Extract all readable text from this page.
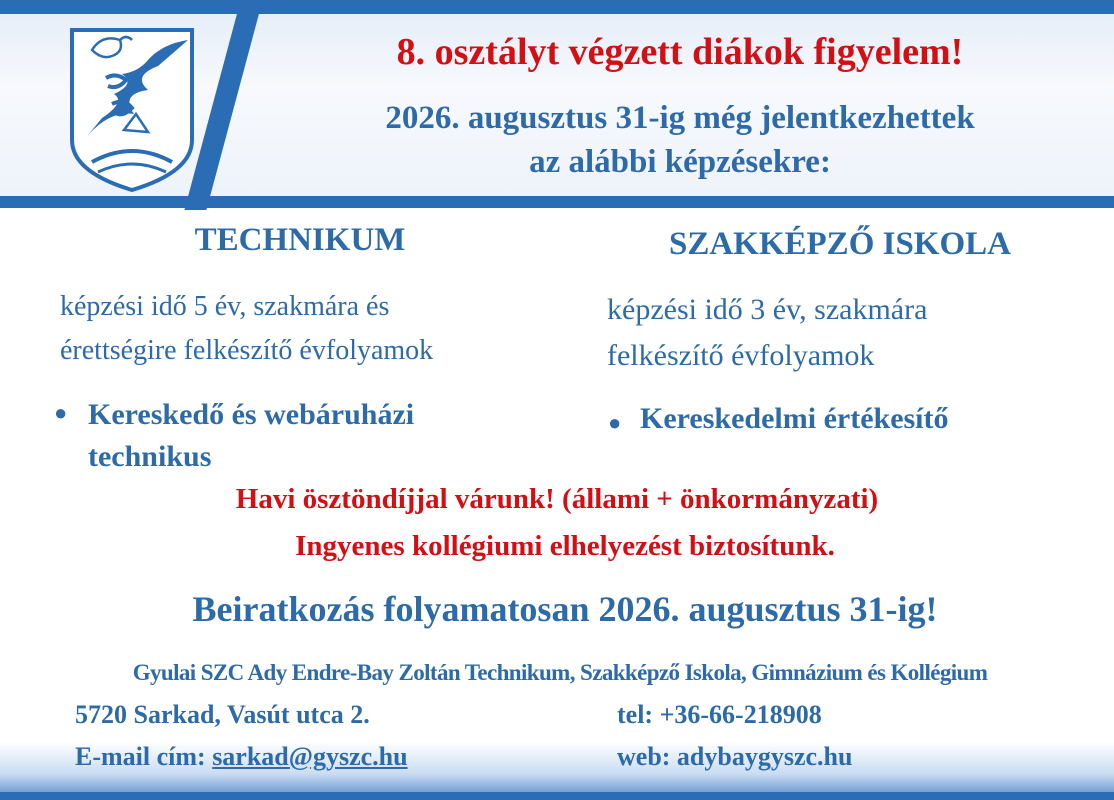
8. osztályt végzett diákok figyelem!
2026. augusztus 31-ig még jelentkezhettek
az alábbi képzésekre:
TECHNIKUM
képzési idő 5 év, szakmára és
érettségire felkészítő évfolyamok
● Kereskedő és webáruházi
technikus
SZAKKÉPZŐ ISKOLA
képzési idő 3 év, szakmára
felkészítő évfolyamok
● Kereskedelmi értékesítő
Havi ösztöndíjjal várunk! (állami + önkormányzati)
Ingyenes kollégiumi elhelyezést biztosítunk.
Beiratkozás folyamatosan 2026. augusztus 31-ig!
Gyulai SZC Ady Endre-Bay Zoltán Technikum, Szakképző Iskola, Gimnázium és Kollégium
5720 Sarkad, Vasút utca 2.	tel: +36-66-218908
E-mail cím: sarkad@gyszc.hu	web: adybaygyszc.hu
